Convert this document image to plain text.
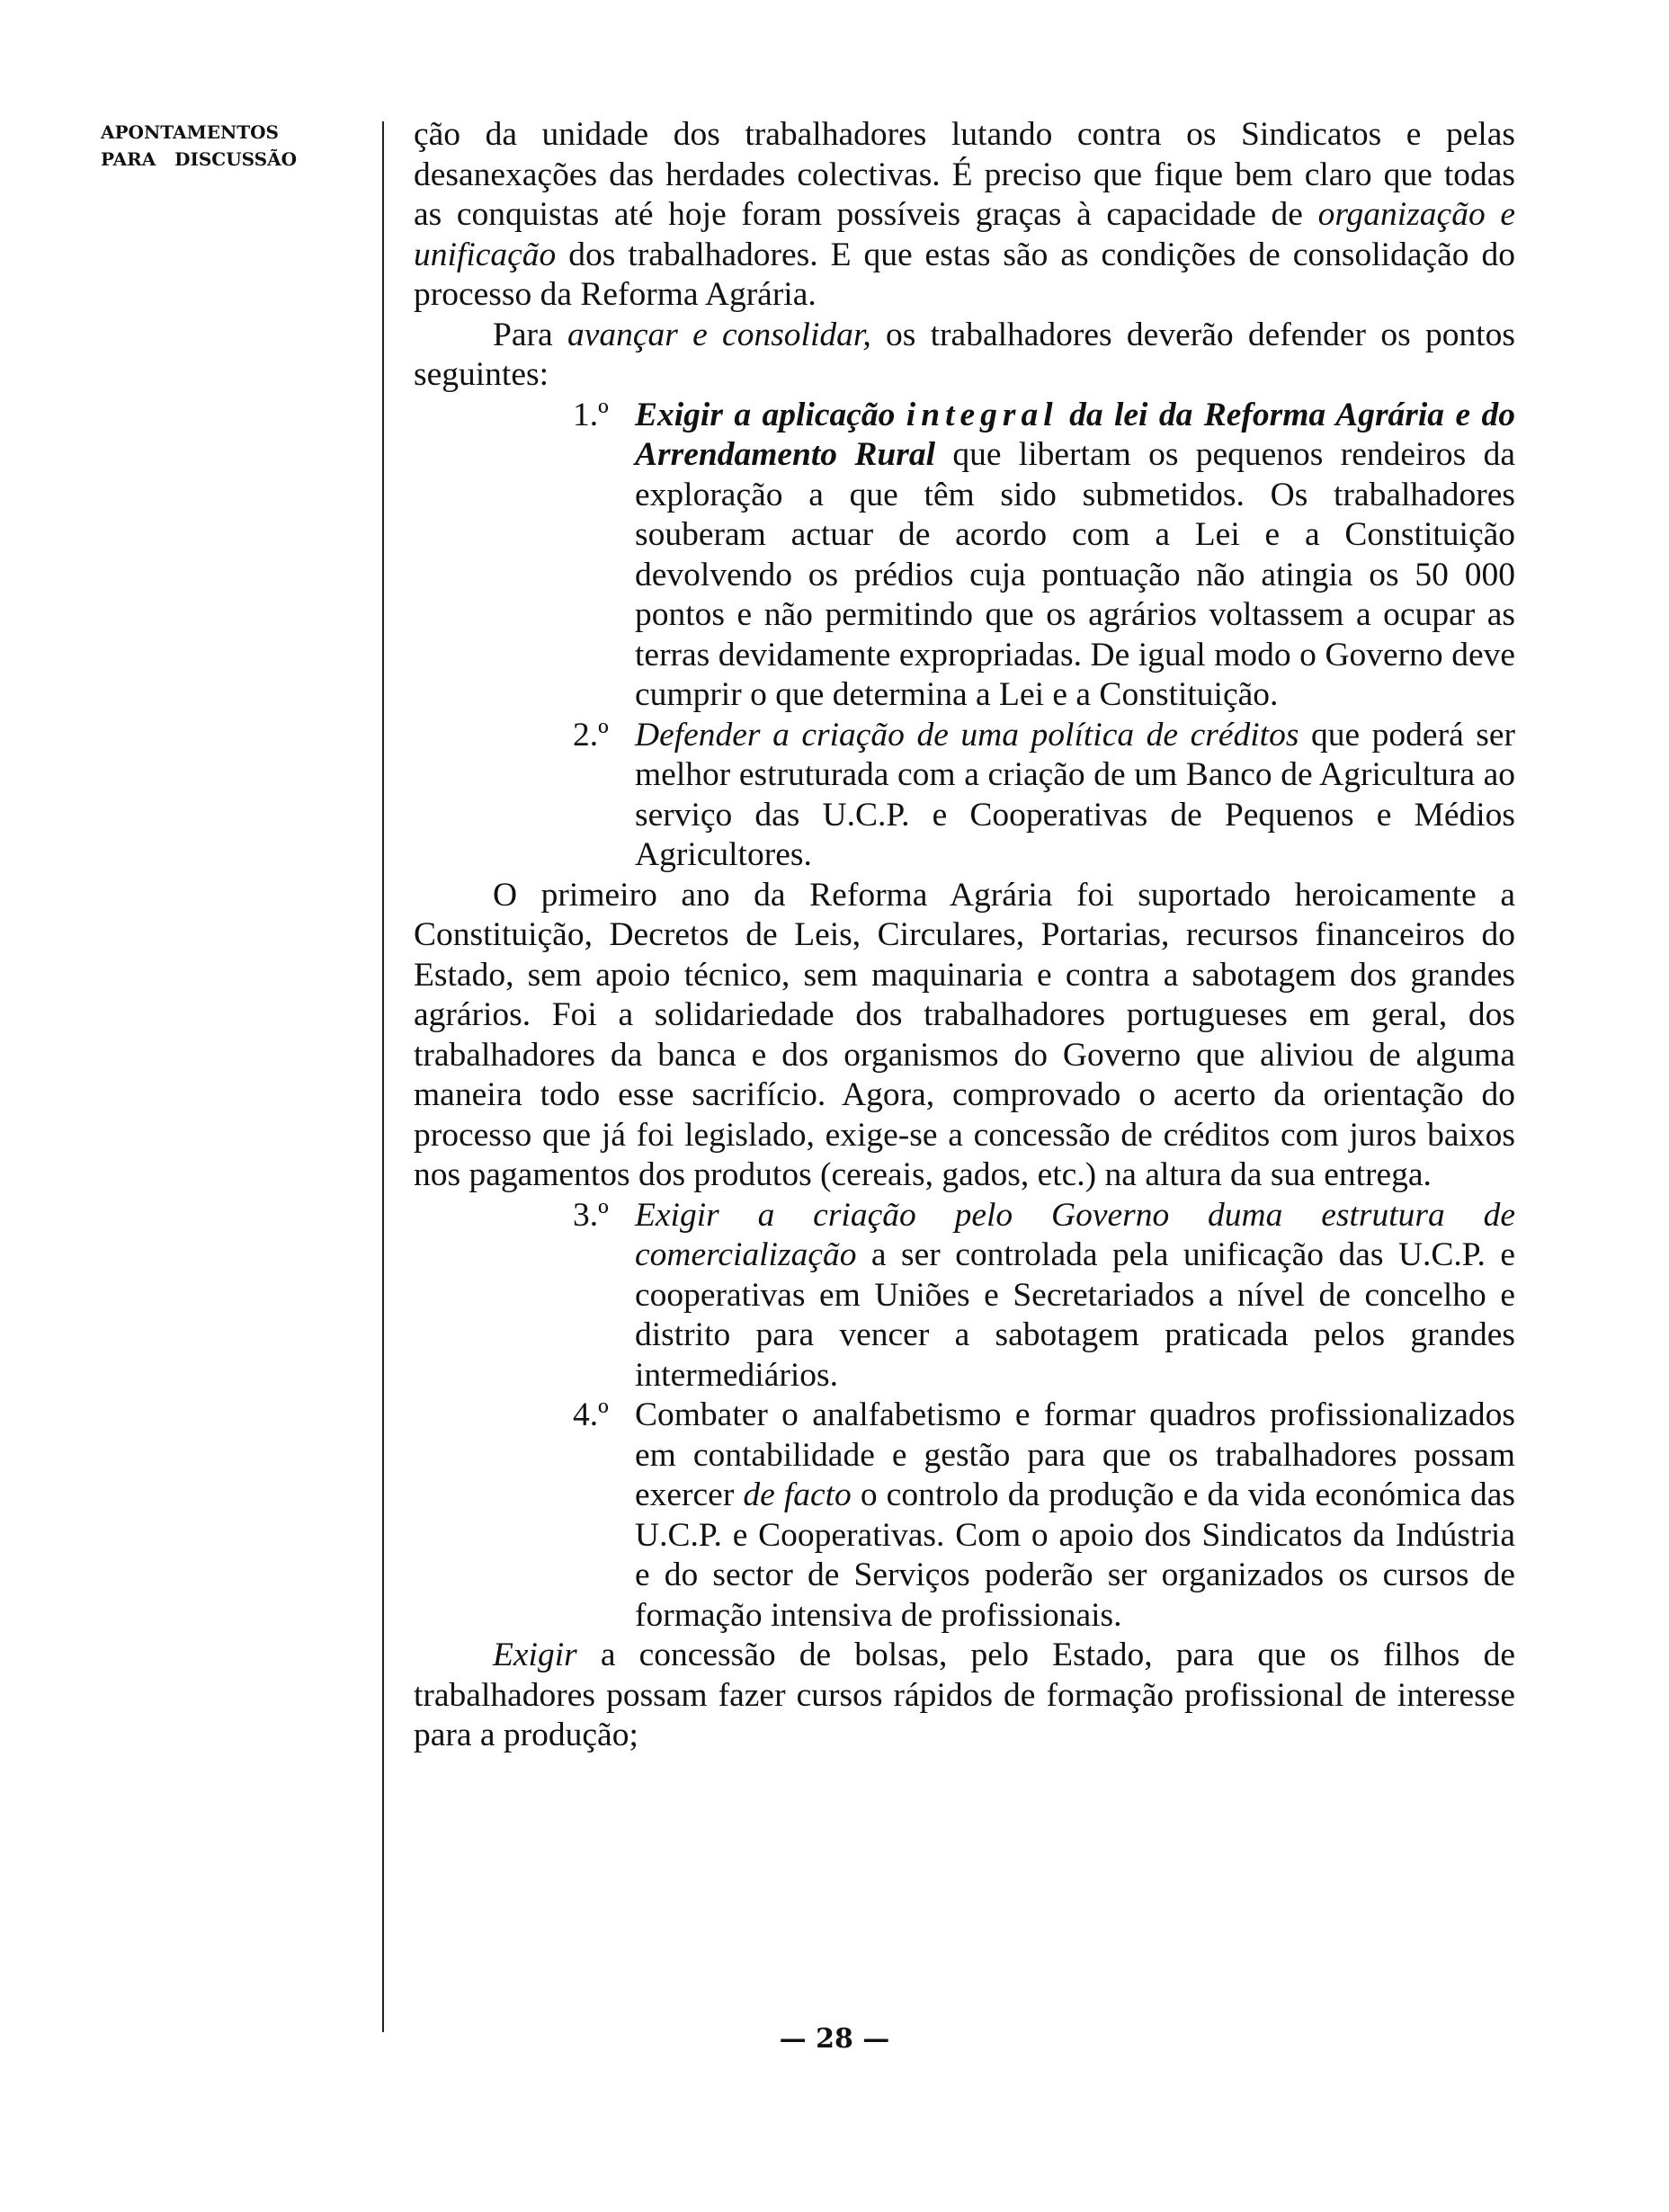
APONTAMENTOS
PARA   DISCUSSÃO

ção da unidade dos trabalhadores lutando contra os Sindicatos e pelas desanexações das herdades colectivas. É preciso que fique bem claro que todas as conquistas até hoje foram possíveis graças à capacidade de organização e unificação dos trabalhadores. E que estas são as condições de consolidação do processo da Reforma Agrária.

Para avançar e consolidar, os trabalhadores deverão defender os pontos seguintes:

1.º Exigir a aplicação integral da lei da Reforma Agrária e do Arrendamento Rural que libertam os pequenos rendeiros da exploração a que têm sido submetidos. Os trabalhadores souberam actuar de acordo com a Lei e a Constituição devolvendo os prédios cuja pontuação não atingia os 50 000 pontos e não permitindo que os agrários voltassem a ocupar as terras devidamente expropriadas. De igual modo o Governo deve cumprir o que determina a Lei e a Constituição.

2.º Defender a criação de uma política de créditos que poderá ser melhor estruturada com a criação de um Banco de Agricultura ao serviço das U.C.P. e Cooperativas de Pequenos e Médios Agricultores.

O primeiro ano da Reforma Agrária foi suportado heroicamente a Constituição, Decretos de Leis, Circulares, Portarias, recursos financeiros do Estado, sem apoio técnico, sem maquinaria e contra a sabotagem dos grandes agrários. Foi a solidariedade dos trabalhadores portugueses em geral, dos trabalhadores da banca e dos organismos do Governo que aliviou de alguma maneira todo esse sacrifício. Agora, comprovado o acerto da orientação do processo que já foi legislado, exige-se a concessão de créditos com juros baixos nos pagamentos dos produtos (cereais, gados, etc.) na altura da sua entrega.

3.º Exigir a criação pelo Governo duma estrutura de comercialização a ser controlada pela unificação das U.C.P. e cooperativas em Uniões e Secretariados a nível de concelho e distrito para vencer a sabotagem praticada pelos grandes intermediários.

4.º Combater o analfabetismo e formar quadros profissionalizados em contabilidade e gestão para que os trabalhadores possam exercer de facto o controlo da produção e da vida económica das U.C.P. e Cooperativas. Com o apoio dos Sindicatos da Indústria e do sector de Serviços poderão ser organizados os cursos de formação intensiva de profissionais.

Exigir a concessão de bolsas, pelo Estado, para que os filhos de trabalhadores possam fazer cursos rápidos de formação profissional de interesse para a produção;

— 28 —
